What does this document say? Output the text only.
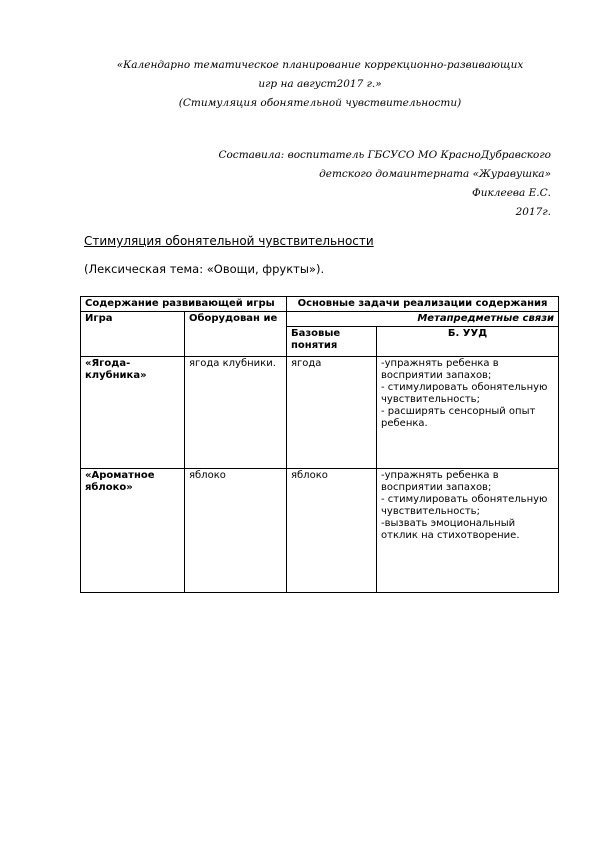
«Календарно тематическое планирование коррекционно-развивающих
игр на август2017 г.»
(Стимуляция обонятельной чувствительности)
Составила: воспитатель ГБСУСО МО КрасноДубравского
детского домаинтерната «Журавушка»
Фиклеева Е.С.
2017г.
Стимуляция обонятельной чувствительности
(Лексическая тема: «Овощи, фрукты»).
Содержание развивающей игры		Основные задачи реализации содержания	
Игра	Оборудован ие	Метапредметные связи	
		Базовые понятия	Б. УУД
«Ягода- клубника»	ягода клубники.	ягода	-упражнять ребенка в восприятии запахов;
- стимулировать обонятельную чувствительность;
- расширять сенсорный опыт ребенка.
«Ароматное яблоко»	яблоко	яблоко	-упражнять ребенка в восприятии запахов;
- стимулировать обонятельную чувствительность;
-вызвать эмоциональный отклик на стихотворение.
